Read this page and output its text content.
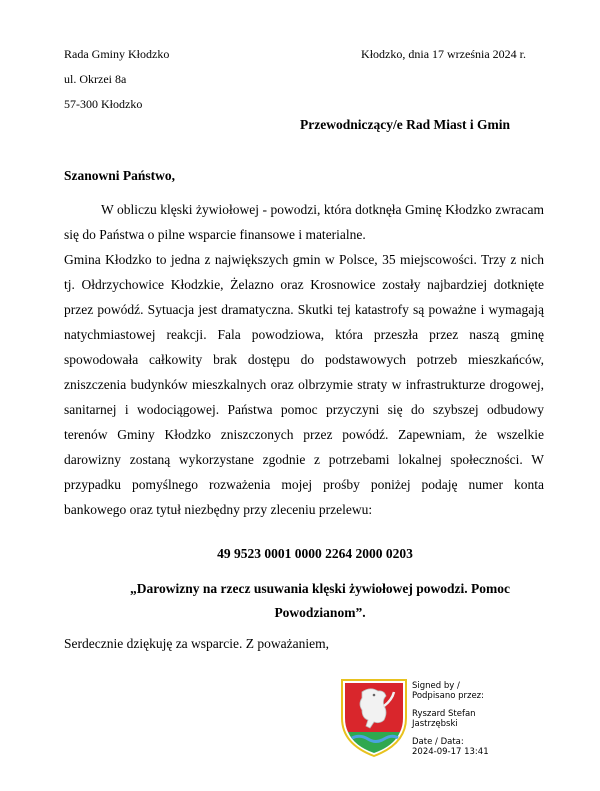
Rada Gminy Kłodzko
ul. Okrzei 8a
57-300 Kłodzko
Kłodzko, dnia 17 września 2024 r.
Przewodniczący/e Rad Miast i Gmin
Szanowni Państwo,

W obliczu klęski żywiołowej - powodzi, która dotknęła Gminę Kłodzko zwracam się do Państwa o pilne wsparcie finansowe i materialne.

Gmina Kłodzko to jedna z największych gmin w Polsce, 35 miejscowości. Trzy z nich tj. Ołdrzychowice Kłodzkie, Żelazno oraz Krosnowice zostały najbardziej dotknięte przez powódź. Sytuacja jest dramatyczna. Skutki tej katastrofy są poważne i wymagają natychmiastowej reakcji. Fala powodziowa, która przeszła przez naszą gminę spowodowała całkowity brak dostępu do podstawowych potrzeb mieszkańców, zniszczenia budynków mieszkalnych oraz olbrzymie straty w infrastrukturze drogowej, sanitarnej i wodociągowej. Państwa pomoc przyczyni się do szybszej odbudowy terenów Gminy Kłodzko zniszczonych przez powódź. Zapewniam, że wszelkie darowizny zostaną wykorzystane zgodnie z potrzebami lokalnej społeczności. W przypadku pomyślnego rozważenia mojej prośby poniżej podaję numer konta bankowego oraz tytuł niezbędny przy zleceniu przelewu:

49 9523 0001 0000 2264 2000 0203
„Darowizny na rzecz usuwania klęski żywiołowej powodzi. Pomoc Powodzianom”.
Serdecznie dziękuję za wsparcie. Z poważaniem,
Signed by /
Podpisano przez:
Ryszard Stefan
Jastrzębski
Date / Data:
2024-09-17 13:41
